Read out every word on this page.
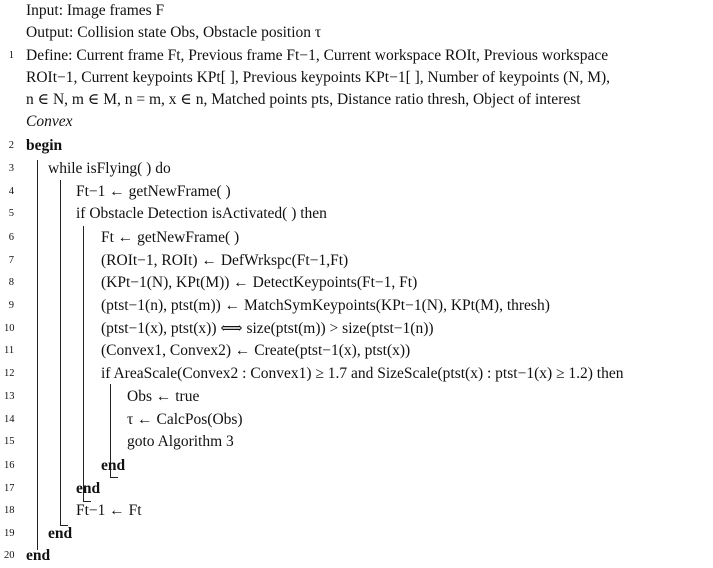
Input: Image frames F
Output: Collision state Obs, Obstacle position τ
1 Define: Current frame Ft, Previous frame Ft−1, Current workspace ROIt, Previous workspace
ROIt−1, Current keypoints KPt[ ], Previous keypoints KPt−1[ ], Number of keypoints (N, M),
n ∈ N, m ∈ M, n = m, x ∈ n, Matched points pts, Distance ratio thresh, Object of interest
Convex
2 begin
3 while isFlying( ) do
4	Ft−1 ← getNewFrame( )
5	if Obstacle Detection isActivated( ) then
6	Ft ← getNewFrame( )
7	(ROIt−1, ROIt) ← DefWrkspc(Ft−1,Ft)
8	(KPt−1(N), KPt(M)) ← DetectKeypoints(Ft−1, Ft)
9	(ptst−1(n), ptst(m)) ← MatchSymKeypoints(KPt−1(N), KPt(M), thresh)
10	(ptst−1(x), ptst(x)) ⟺ size(ptst(m)) > size(ptst−1(n))
11	(Convex1, Convex2) ← Create(ptst−1(x), ptst(x))
12	if AreaScale(Convex2 : Convex1) ≥ 1.7 and SizeScale(ptst(x) : ptst−1(x) ≥ 1.2) then
13	Obs ← true
14	τ ← CalcPos(Obs)
15	goto Algorithm 3
16	end
17	end
18	Ft−1 ← Ft
19 end
20 end
